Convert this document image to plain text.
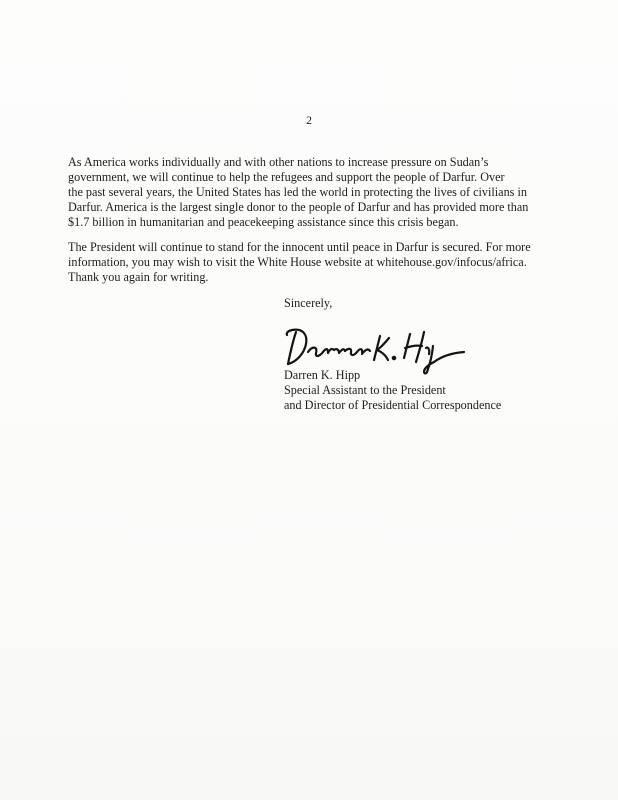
2

As America works individually and with other nations to increase pressure on Sudan’s
government, we will continue to help the refugees and support the people of Darfur. Over
the past several years, the United States has led the world in protecting the lives of civilians in
Darfur. America is the largest single donor to the people of Darfur and has provided more than
$1.7 billion in humanitarian and peacekeeping assistance since this crisis began.

The President will continue to stand for the innocent until peace in Darfur is secured. For more
information, you may wish to visit the White House website at whitehouse.gov/infocus/africa.
Thank you again for writing.

Sincerely,
Darren K. Hipp
Special Assistant to the President
and Director of Presidential Correspondence
